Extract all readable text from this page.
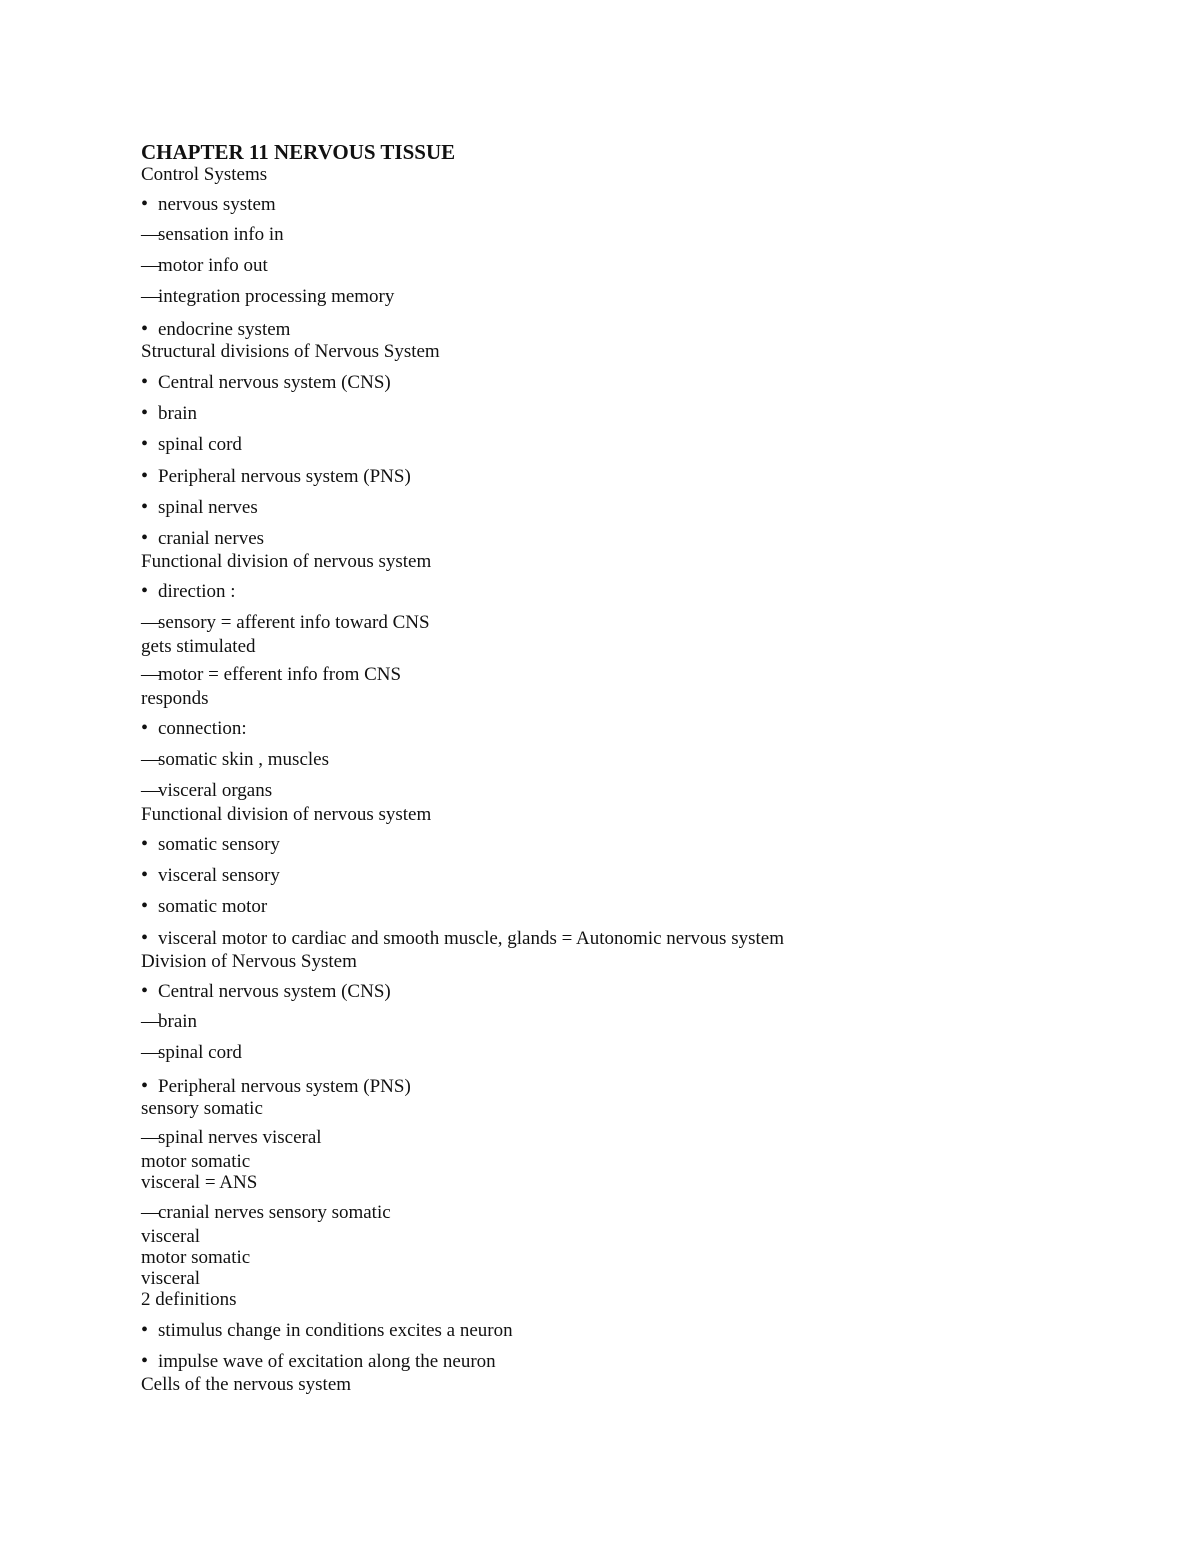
CHAPTER 11 NERVOUS TISSUE
Control Systems
• nervous system
—sensation info in
—motor info out
—integration processing memory
• endocrine system
Structural divisions of Nervous System
• Central nervous system (CNS)
• brain
• spinal cord
• Peripheral nervous system (PNS)
• spinal nerves
• cranial nerves
Functional division of nervous system
• direction :
—sensory = afferent info toward CNS
gets stimulated
—motor = efferent info from CNS
responds
• connection:
—somatic skin , muscles
—visceral organs
Functional division of nervous system
• somatic sensory
• visceral sensory
• somatic motor
• visceral motor to cardiac and smooth muscle, glands = Autonomic nervous system
Division of Nervous System
• Central nervous system (CNS)
—brain
—spinal cord
• Peripheral nervous system (PNS)
sensory somatic
—spinal nerves visceral
motor somatic
visceral = ANS
—cranial nerves sensory somatic
visceral
motor somatic
visceral
2 definitions
• stimulus change in conditions excites a neuron
• impulse wave of excitation along the neuron
Cells of the nervous system
